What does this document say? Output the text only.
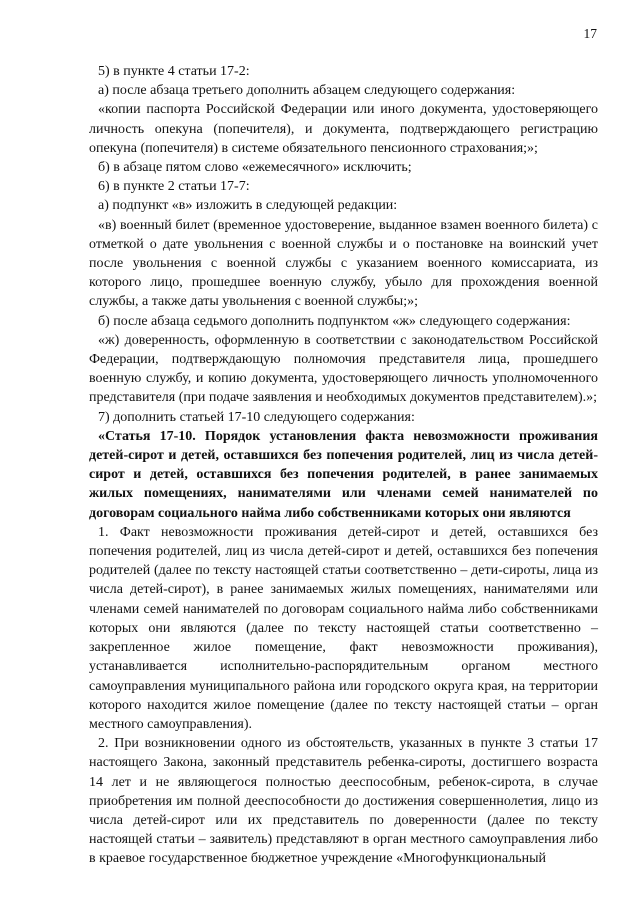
17

5) в пункте 4 статьи 17-2:

а) после абзаца третьего дополнить абзацем следующего содержания:

«копии паспорта Российской Федерации или иного документа, удостоверяющего личность опекуна (попечителя), и документа, подтверждающего регистрацию опекуна (попечителя) в системе обязательного пенсионного страхования;»;

б) в абзаце пятом слово «ежемесячного» исключить;

6) в пункте 2 статьи 17-7:

а) подпункт «в» изложить в следующей редакции:

«в) военный билет (временное удостоверение, выданное взамен военного билета) с отметкой о дате увольнения с военной службы и о постановке на воинский учет после увольнения с военной службы с указанием военного комиссариата, из которого лицо, прошедшее военную службу, убыло для прохождения военной службы, а также даты увольнения с военной службы;»;

б) после абзаца седьмого дополнить подпунктом «ж» следующего содержания:

«ж) доверенность, оформленную в соответствии с законодательством Российской Федерации, подтверждающую полномочия представителя лица, прошедшего военную службу, и копию документа, удостоверяющего личность уполномоченного представителя (при подаче заявления и необходимых документов представителем).»;

7) дополнить статьей 17-10 следующего содержания:

«Статья 17-10. Порядок установления факта невозможности проживания детей-сирот и детей, оставшихся без попечения родителей, лиц из числа детей-сирот и детей, оставшихся без попечения родителей, в ранее занимаемых жилых помещениях, нанимателями или членами семей нанимателей по договорам социального найма либо собственниками которых они являются

1. Факт невозможности проживания детей-сирот и детей, оставшихся без попечения родителей, лиц из числа детей-сирот и детей, оставшихся без попечения родителей (далее по тексту настоящей статьи соответственно – дети-сироты, лица из числа детей-сирот), в ранее занимаемых жилых помещениях, нанимателями или членами семей нанимателей по договорам социального найма либо собственниками которых они являются (далее по тексту настоящей статьи соответственно – закрепленное жилое помещение, факт невозможности проживания), устанавливается исполнительно-распорядительным органом местного самоуправления муниципального района или городского округа края, на территории которого находится жилое помещение (далее по тексту настоящей статьи – орган местного самоуправления).

2. При возникновении одного из обстоятельств, указанных в пункте 3 статьи 17 настоящего Закона, законный представитель ребенка-сироты, достигшего возраста 14 лет и не являющегося полностью дееспособным, ребенок-сирота, в случае приобретения им полной дееспособности до достижения совершеннолетия, лицо из числа детей-сирот или их представитель по доверенности (далее по тексту настоящей статьи – заявитель) представляют в орган местного самоуправления либо в краевое государственное бюджетное учреждение «Многофункциональный
